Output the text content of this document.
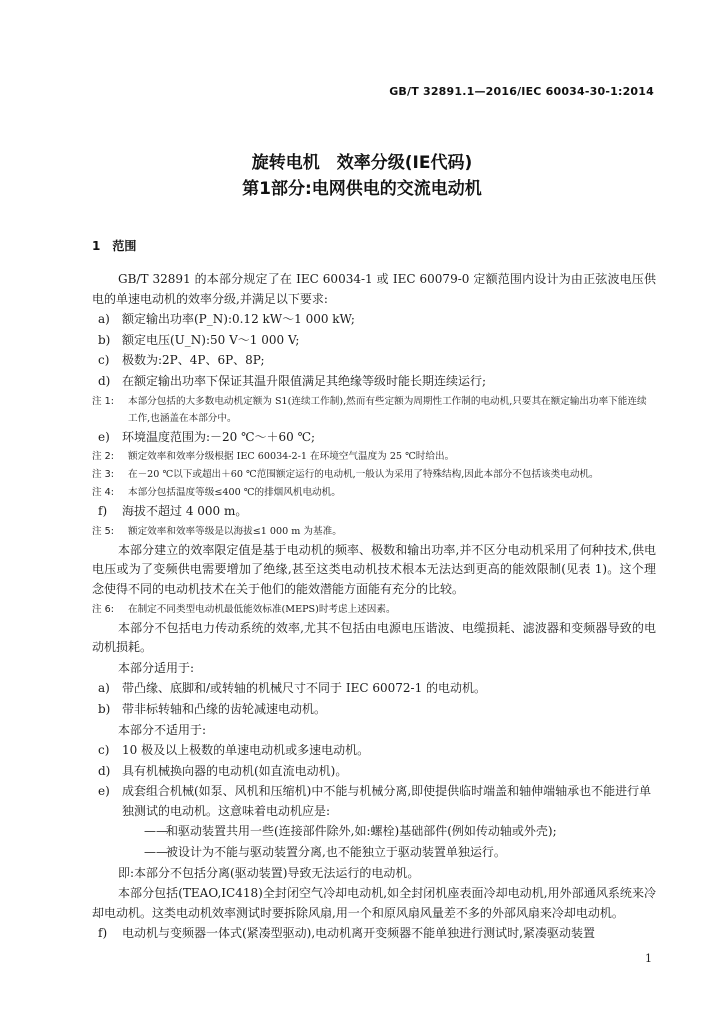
GB/T 32891.1—2016/IEC 60034-30-1:2014
旋转电机　效率分级(IE代码)
第1部分:电网供电的交流电动机
1 范围

GB/T 32891 的本部分规定了在 IEC 60034-1 或 IEC 60079-0 定额范围内设计为由正弦波电压供电的单速电动机的效率分级,并满足以下要求:

a)	额定输出功率(P_N):0.12 kW～1 000 kW;
b) 额定电压(U_N):50 V～1 000 V;
c)	极数为:2P、4P、6P、8P;
d) 在额定输出功率下保证其温升限值满足其绝缘等级时能长期连续运行;
注 1:	本部分包括的大多数电动机定额为 S1(连续工作制),然而有些定额为周期性工作制的电动机,只要其在额定输出功率下能连续工作,也涵盖在本部分中。
e)	环境温度范围为:－20 ℃～＋60 ℃;
注 2:	额定效率和效率分级根据 IEC 60034-2-1 在环境空气温度为 25 ℃时给出。
注 3:	在－20 ℃以下或超出＋60 ℃范围额定运行的电动机,一般认为采用了特殊结构,因此本部分不包括该类电动机。
注 4:	本部分包括温度等级≤400 ℃的排烟风机电动机。
f)	海拔不超过 4 000 m。
注 5:	额定效率和效率等级是以海拔≤1 000 m 为基准。

本部分建立的效率限定值是基于电动机的频率、极数和输出功率,并不区分电动机采用了何种技术,供电电压或为了变频供电需要增加了绝缘,甚至这类电动机技术根本无法达到更高的能效限制(见表 1)。这个理念使得不同的电动机技术在关于他们的能效潜能方面能有充分的比较。

注 6:	在制定不同类型电动机最低能效标准(MEPS)时考虑上述因素。

本部分不包括电力传动系统的效率,尤其不包括由电源电压谐波、电缆损耗、滤波器和变频器导致的电动机损耗。

本部分适用于:

a)	带凸缘、底脚和/或转轴的机械尺寸不同于 IEC 60072-1 的电动机。
b) 带非标转轴和凸缘的齿轮减速电动机。

本部分不适用于:

c)	10 极及以上极数的单速电动机或多速电动机。
d) 具有机械换向器的电动机(如直流电动机)。
e)	成套组合机械(如泵、风机和压缩机)中不能与机械分离,即使提供临时端盖和轴伸端轴承也不能进行单独测试的电动机。这意味着电动机应是:
——
和驱动装置共用一些(连接部件除外,如:螺栓)基础部件(例如传动轴或外壳);
——
被设计为不能与驱动装置分离,也不能独立于驱动装置单独运行。

即:本部分不包括分离(驱动装置)导致无法运行的电动机。

本部分包括(TEAO,IC418)全封闭空气冷却电动机,如全封闭机座表面冷却电动机,用外部通风系统来冷却电动机。这类电动机效率测试时要拆除风扇,用一个和原风扇风量差不多的外部风扇来冷却电动机。

f)	电动机与变频器一体式(紧凑型驱动),电动机离开变频器不能单独进行测试时,紧凑驱动装置
1
